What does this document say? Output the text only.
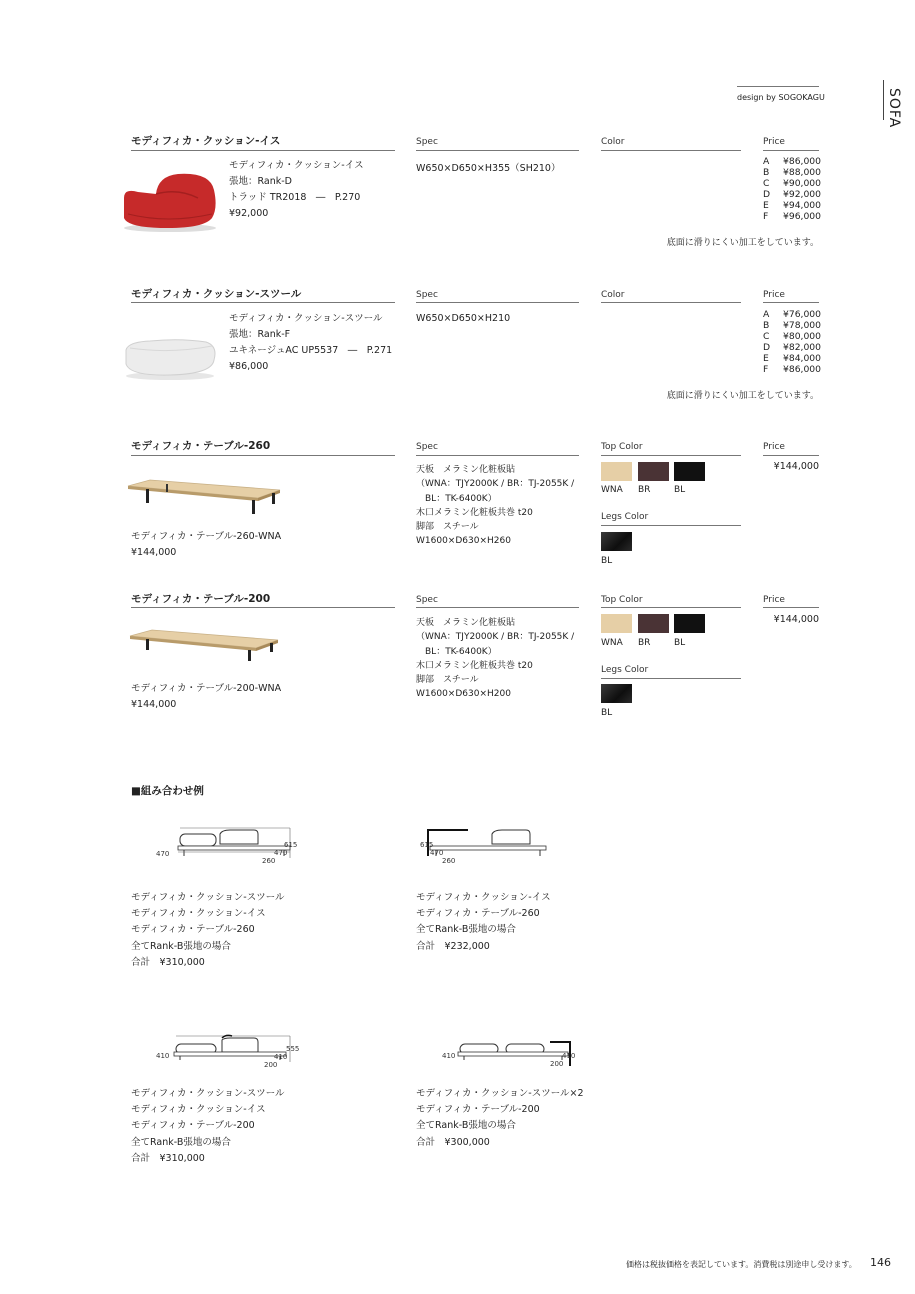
design by SOGOKAGU	SOFA
モディフィカ・クッション-イス	Spec	Color	Price
モディフィカ・クッション-イス
張地：Rank-D
トラッド TR2018　―　P.270
¥92,000
W650×D650×H355（SH210）
A ¥86,000
B ¥88,000
C ¥90,000
D ¥92,000
E ¥94,000
F ¥96,000
底面に滑りにくい加工をしています。
モディフィカ・クッション-スツール	Spec	Color	Price
モディフィカ・クッション-スツール
張地：Rank-F
ユキネージュAC UP5537　―　P.271
¥86,000
W650×D650×H210	A ¥76,000
B ¥78,000
C ¥80,000
D ¥82,000
E ¥84,000
F ¥86,000
底面に滑りにくい加工をしています。
モディフィカ・テーブル-260	Spec	Top Color	Price
モディフィカ・テーブル-260-WNA
¥144,000
天板　メラミン化粧板貼
（WNA：TJY2000K / BR：TJ-2055K /
　BL：TK-6400K）
木口メラミン化粧板共巻 t20
脚部　スチール
W1600×D630×H260
WNA BR	BL
Legs Color
BL
¥144,000
モディフィカ・テーブル-200	Spec	Top Color	Price
モディフィカ・テーブル-200-WNA
¥144,000
天板　メラミン化粧板貼
（WNA：TJY2000K / BR：TJ-2055K /
　BL：TK-6400K）
木口メラミン化粧板共巻 t20
脚部　スチール
W1600×D630×H200
WNA BR	BL
Legs Color
BL
¥144,000
■組み合わせ例
470
615
470
260
モディフィカ・クッション-スツール
モディフィカ・クッション-イス
モディフィカ・テーブル-260
全てRank-B張地の場合
合計　¥310,000
615
470
260
モディフィカ・クッション-イス
モディフィカ・テーブル-260
全てRank-B張地の場合
合計　¥232,000
410
555
410
200
モディフィカ・クッション-スツール
モディフィカ・クッション-イス
モディフィカ・テーブル-200
全てRank-B張地の場合
合計　¥310,000
410	410
200
モディフィカ・クッション-スツール×2
モディフィカ・テーブル-200
全てRank-B張地の場合
合計　¥300,000
価格は税抜価格を表記しています。消費税は別途申し受けます。 146
